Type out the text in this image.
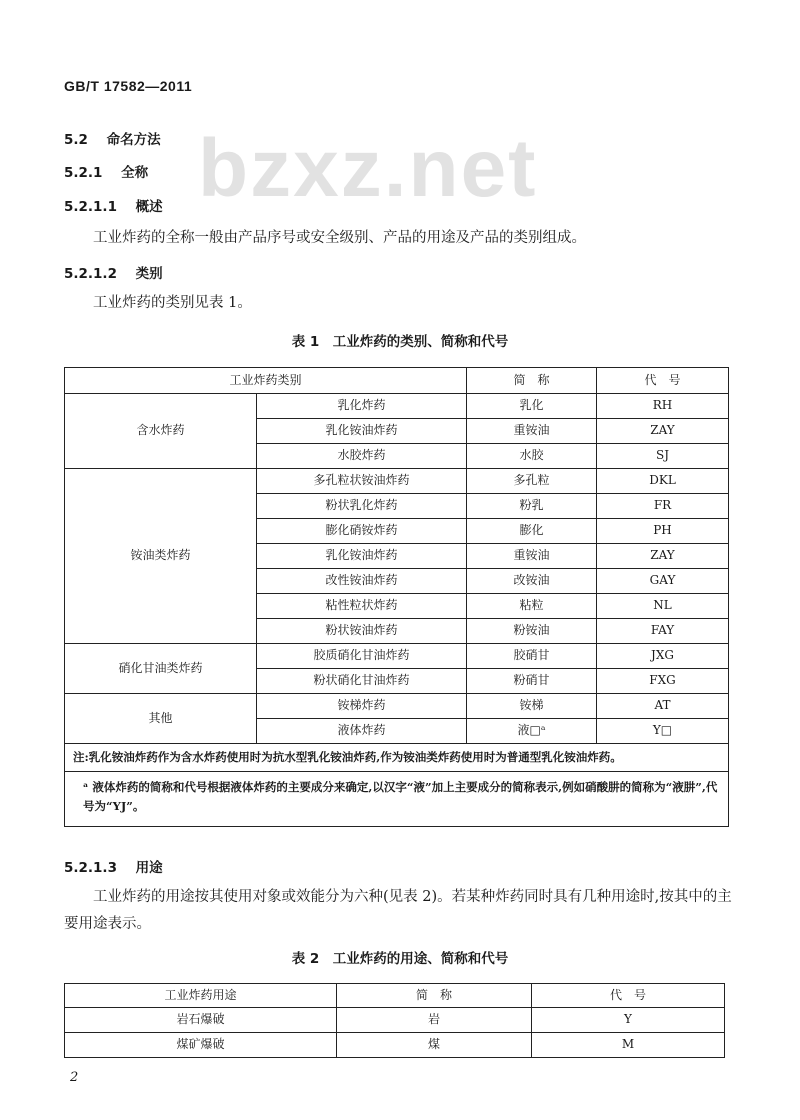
GB/T 17582—2011
bzxz.net
5.2 命名方法
5.2.1 全称
5.2.1.1 概述
工业炸药的全称一般由产品序号或安全级别、产品的用途及产品的类别组成。
5.2.1.2 类别
工业炸药的类别见表 1。
表 1　工业炸药的类别、简称和代号
工业炸药类别		简　称	代　号
含水炸药	乳化炸药	乳化	RH
	乳化铵油炸药	重铵油	ZAY
	水胶炸药	水胶	SJ
铵油类炸药	多孔粒状铵油炸药	多孔粒	DKL
	粉状乳化炸药	粉乳	FR
	膨化硝铵炸药	膨化	PH
	乳化铵油炸药	重铵油	ZAY
	改性铵油炸药	改铵油	GAY
	粘性粒状炸药	粘粒	NL
	粉状铵油炸药	粉铵油	FAY
硝化甘油类炸药	胶质硝化甘油炸药	胶硝甘	JXG
	粉状硝化甘油炸药	粉硝甘	FXG
其他	铵梯炸药	铵梯	AT
	液体炸药	液□ᵃ	Y□
注:乳化铵油炸药作为含水炸药使用时为抗水型乳化铵油炸药,作为铵油类炸药使用时为普通型乳化铵油炸药。			
ᵃ 液体炸药的简称和代号根据液体炸药的主要成分来确定,以汉字“液”加上主要成分的简称表示,例如硝酸肼的简称为“液肼”,代号为“YJ”。			
5.2.1.3 用途
工业炸药的用途按其使用对象或效能分为六种(见表 2)。若某种炸药同时具有几种用途时,按其中的主要用途表示。
表 2　工业炸药的用途、简称和代号
工业炸药用途	简　称	代　号
岩石爆破	岩	Y
煤矿爆破	煤	M
2
